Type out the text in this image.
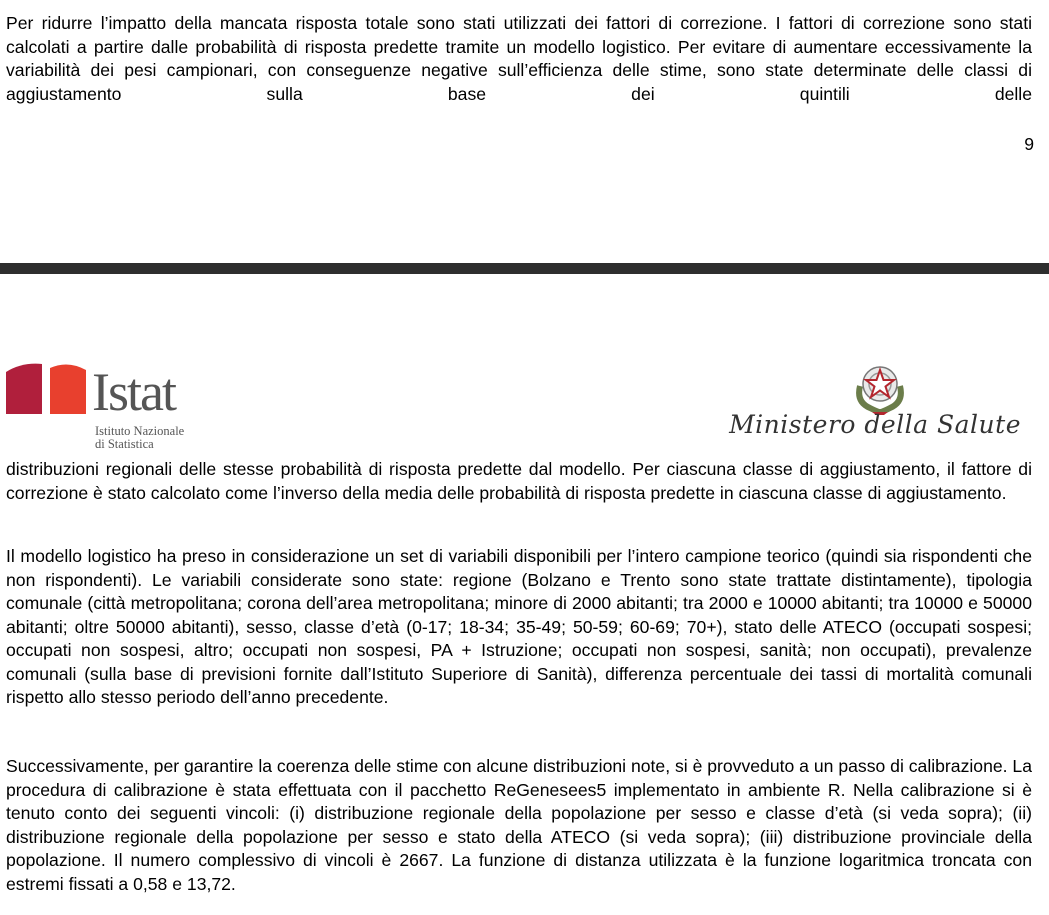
Per ridurre l’impatto della mancata risposta totale sono stati utilizzati dei fattori di correzione. I fattori di correzione sono stati calcolati a partire dalle probabilità di risposta predette tramite un modello logistico. Per evitare di aumentare eccessivamente la variabilità dei pesi campionari, con conseguenze negative sull’efficienza delle stime, sono state determinate delle classi di aggiustamento sulla base dei quintili delle

9
Istat
Istituto Nazionale
di Statistica
Ministero della Salute

distribuzioni regionali delle stesse probabilità di risposta predette dal modello. Per ciascuna classe di aggiustamento, il fattore di correzione è stato calcolato come l’inverso della media delle probabilità di risposta predette in ciascuna classe di aggiustamento.

Il modello logistico ha preso in considerazione un set di variabili disponibili per l’intero campione teorico (quindi sia rispondenti che non rispondenti). Le variabili considerate sono state: regione (Bolzano e Trento sono state trattate distintamente), tipologia comunale (città metropolitana; corona dell’area metropolitana; minore di 2000 abitanti; tra 2000 e 10000 abitanti; tra 10000 e 50000 abitanti; oltre 50000 abitanti), sesso, classe d’età (0-17; 18-34; 35-49; 50-59; 60-69; 70+), stato delle ATECO (occupati sospesi; occupati non sospesi, altro; occupati non sospesi, PA + Istruzione; occupati non sospesi, sanità; non occupati), prevalenze comunali (sulla base di previsioni fornite dall’Istituto Superiore di Sanità), differenza percentuale dei tassi di mortalità comunali rispetto allo stesso periodo dell’anno precedente.

Successivamente, per garantire la coerenza delle stime con alcune distribuzioni note, si è provveduto a un passo di calibrazione. La procedura di calibrazione è stata effettuata con il pacchetto ReGenesees5 implementato in ambiente R. Nella calibrazione si è tenuto conto dei seguenti vincoli: (i) distribuzione regionale della popolazione per sesso e classe d’età (si veda sopra); (ii) distribuzione regionale della popolazione per sesso e stato della ATECO (si veda sopra); (iii) distribuzione provinciale della popolazione. Il numero complessivo di vincoli è 2667. La funzione di distanza utilizzata è la funzione logaritmica troncata con estremi fissati a 0,58 e 13,72.
